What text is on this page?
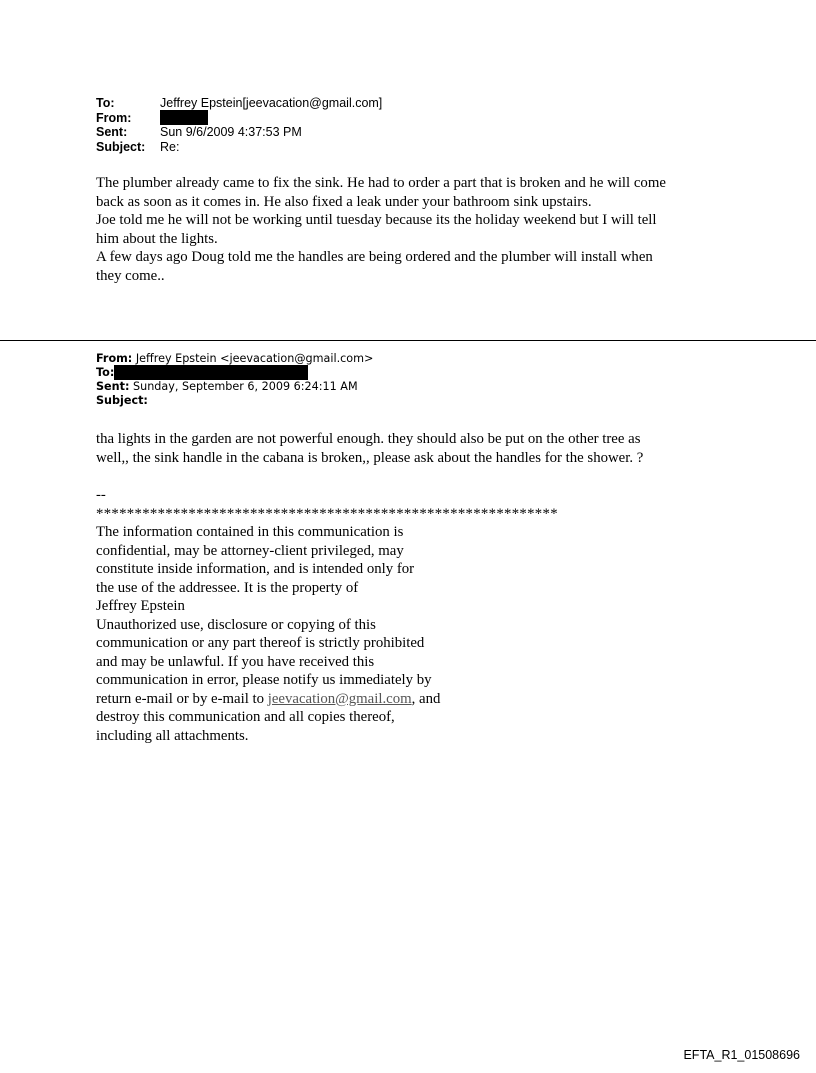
To:	Jeffrey Epstein[jeevacation@gmail.com]
From:
Sent:	Sun 9/6/2009 4:37:53 PM
Subject:	Re:
The plumber already came to fix the sink. He had to order a part that is broken and he will come
back as soon as it comes in. He also fixed a leak under your bathroom sink upstairs.
Joe told me he will not be working until tuesday because its the holiday weekend but I will tell
him about the lights.
A few days ago Doug told me the handles are being ordered and the plumber will install when
they come..
From: Jeffrey Epstein <jeevacation@gmail.com>
To:
Sent: Sunday, September 6, 2009 6:24:11 AM
Subject:
tha lights in the garden are not powerful enough. they should also be put on the other tree as
well,, the sink handle in the cabana is broken,, please ask about the handles for the shower. ?
--
************************************************************
The information contained in this communication is
confidential, may be attorney-client privileged, may
constitute inside information, and is intended only for
the use of the addressee. It is the property of
Jeffrey Epstein
Unauthorized use, disclosure or copying of this
communication or any part thereof is strictly prohibited
and may be unlawful. If you have received this
communication in error, please notify us immediately by
return e-mail or by e-mail to jeevacation@gmail.com, and
destroy this communication and all copies thereof,
including all attachments.
EFTA_R1_01508696
